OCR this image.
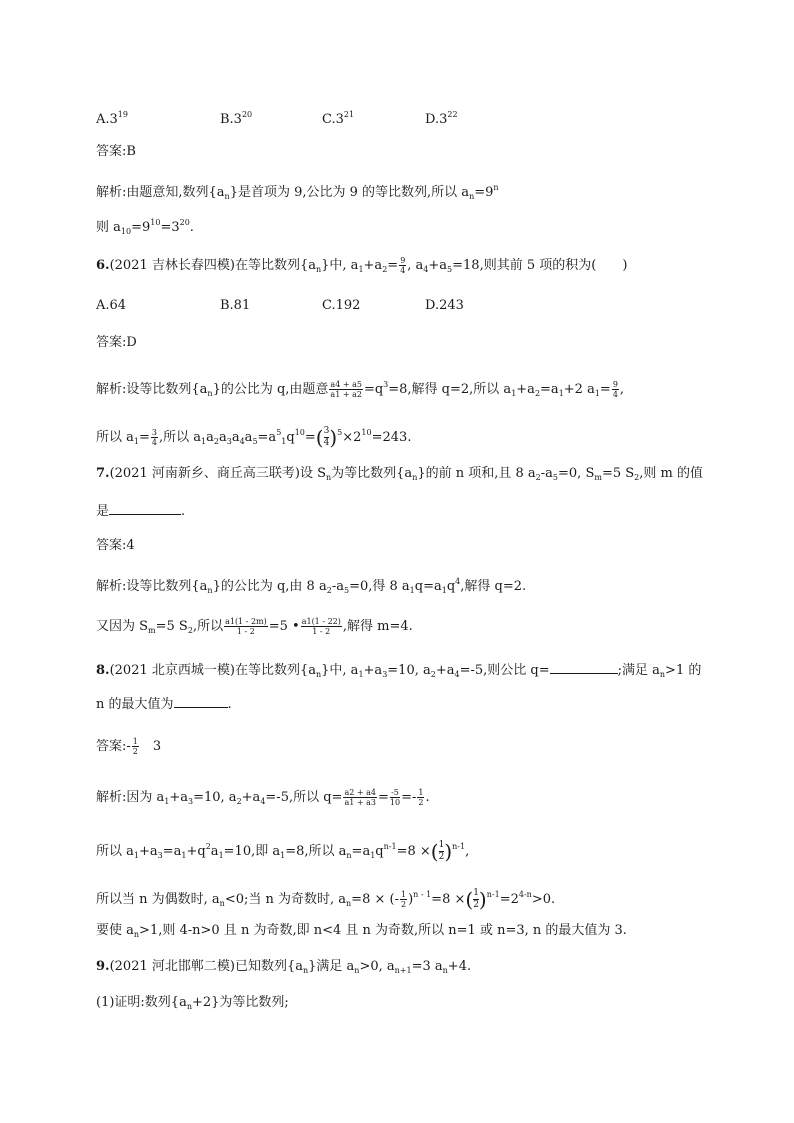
$A.3^{19}$	$B.3^{20}$	$C.3^{21}$	$D.3^{22}$
答案:B
解析:由题意知,数列$\{a_n\}$是首项为 9,公比为 9 的等比数列,所以 $a_n=9^n$
则 $a_{10}=9^{10}=3^{20}$.
6.(2021 吉林长春四模)在等比数列$\{a_n\}$中, $a_1+a_2= \frac{9}{4}$ , $a_4+a_5=18$,则其前 5 项的积为(　　)
A.64	B.81	C.192	D.243
答案:D
解析:设等比数列$\{a_n\}$的公比为 q,由题意 $\frac{a4 + a5}{a1 + a2} =q^3=8$,解得 q=2,所以 $a_1+a_2=a_1+2$ $a_1= \frac{9}{4}$ ,
所以 $a_1= \frac{3}{4}$ ,所以 $a_1a_2a_3a_4a_5=a^5_1q^{10}=( \frac{3}{4} )^5\times 2^{10}=243$.
7.(2021 河南新乡、商丘高三联考)设 $S_n$为等比数列$\{a_n\}$的前 n 项和,且 8 $a_2-a_5=0$, $S_m=5$ $S_2$,则 m 的值
是	.
答案:4
解析:设等比数列$\{a_n\}$的公比为 q,由 8 $a_2-a_5=0$,得 8 $a_1q=a_1q^4$,解得 q=2.
又因为 $S_m=5$ $S_2$,所以 $\frac{a1(1 - 2m)}{1 - 2} =5$ • $\frac{a1(1 - 22)}{1 - 2}$ ,解得 m=4.
8.(2021 北京西城一模)在等比数列$\{a_n\}$中, $a_1+a_3=10$, $a_2+a_4=-5$,则公比 q=	;满足 $a_n>1$ 的
n 的最大值为	.
答案:- $\frac{1}{2}$
　 3
解析:因为 $a_1+a_3=10$, $a_2+a_4=-5$,所以 $q= \frac{a2 + a4}{a1 + a3} = \frac{-5}{10} =- \frac{1}{2}$ .
所以 $a_1+a_3=a_1+q^2a_1=10$,即 $a_1=8$,所以 $a_n=a_1q^{n-1}=8$ ×( $\frac{1}{2} )^{n-1}$,
所以当 n 为偶数时, $a_n<0$;当 n 为奇数时, $a_n=8$ × (- $\frac{1}{2} )^{n - 1}=8$ ×( $\frac{1}{2} )^{n-1}=2^{4-n}>0$.
要使 $a_n>1$,则 4-n>0 且 n 为奇数,即 n<4 且 n 为奇数,所以 n=1 或 n=3, n 的最大值为 3.
9.(2021 河北邯郸二模)已知数列$\{a_n\}$满足 $a_n>0$, $a_{n+1}=3$ $a_n+4$.
(1)证明:数列$\{a_n+2\}$为等比数列;
